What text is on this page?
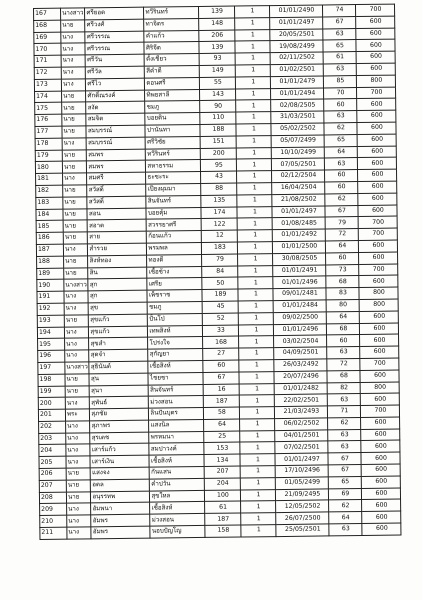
167	นางสาว	ศรียอด	ทวีรินทร์	139	1	01/01/2490	74	700
168	นาย	ศรีวงศ์	ทาจิตร	148	1	01/01/2497	67	600
169	นาง	ศรีวรรณ	คำแก้ว	206	1	20/05/2501	63	600
170	นาง	ศรีวรรณ	ศิริจีด	139	1	19/08/2499	65	600
171	นาง	ศรีวัน	ตั้งเชียว	93	1	02/11/2502	61	600
172	นาง	ศรีวัล	สีคำดี	149	1	01/02/2501	63	600
173	นาง	ศรีไว	ดอนศรี	55	1	01/01/2479	85	800
174	นาย	ศักดิ์ณรงค์	ทิพยสาลี	143	1	01/01/2494	70	700
175	นาย	สงัด	ชมภู	90	1	02/08/2505	60	600
176	นาย	สมจิต	บอยดิน	110	1	31/03/2501	63	600
177	นาย	สมบรรณ์	ปานันทา	188	1	05/02/2502	62	600
178	นาง	สมบรรณ์	ศรีวิชัย	151	1	05/07/2499	65	600
179	นาย	สมพร	ทวีรินทร์	200	1	10/10/2499	64	600
180	นาย	สมพร	สหาธรรม	95	1	07/05/2501	63	600
181	นาง	สมศรี	ธะซะระ	43	1	02/12/2504	60	600
182	นาย	สวัสดิ์	เปียงผุมมา	88	1	16/04/2504	60	600
183	นาย	สวัสดิ์	สินจันทร์	135	1	21/08/2502	62	600
184	นาย	สอน	บอยคุ้ม	174	1	01/01/2497	67	600
185	นาย	สอาด	สวรรยาศรี	122	1	01/08/2485	79	700
186	นาย	สาย	ก้อนแก้ว	12	1	01/01/2492	72	700
187	นาง	สำรวย	พรมพล	183	1	01/01/2500	64	600
188	นาย	สิงห์ทอง	ทองดี	79	1	30/08/2505	60	600
189	นาย	สิน	เชื้อช้าง	84	1	01/01/2491	73	700
190	นางสาว	สุก	เศรีย	50	1	01/01/2496	68	600
191	นาง	สุก	เพ็ชราช	189	1	09/01/2481	83	800
192	นาง	สุข	ชมภู	45	1	01/01/2484	80	800
193	นาย	สุขแก้ว	ปั้นโป่	52	1	09/02/2500	64	600
194	นาง	สุขแก้ว	เทพสิงห์	33	1	01/01/2496	68	600
195	นาง	สุขสำ	โปร่งใจ	168	1	03/02/2504	60	600
196	นาง	สุดจำ	สุกัญยา	27	1	04/09/2501	63	600
197	นางสาว	สุธินันต์	เชื้อสิงห์	60	1	26/03/2492	72	700
198	นาย	สุน	ไชยชา	67	1	20/07/2496	68	600
199	นาย	สุนา	สินจันทร์	16	1	01/01/2482	82	800
200	นาง	สุพันธ์	ม่วงสอน	187	1	22/02/2501	63	600
201	พระ	สุภชัย	ลินปันบุตร	58	1	21/03/2493	71	700
202	นาง	สุภาพร	แสงนิล	64	1	06/02/2502	62	600
203	นาง	สุรเดช	พรหมนา	25	1	04/01/2501	63	600
204	นาง	เสาร์แก้ว	สมปาวงค์	153	1	07/02/2501	63	600
205	นาง	เสาร์เงิน	เชื้อสิงห์	134	1	01/01/2497	67	600
206	นาย	แสงจง	กันแสน	207	1	17/10/2496	67	600
207	นาย	อดล	คำปวัน	204	1	01/05/2499	65	600
208	นาย	อนุรรทพ	สุขใหล	100	1	21/09/2495	69	600
209	นาง	อัมพนา	เชื้อสิงห์	61	1	12/05/2502	62	600
210	นาง	อัมพร	ม่วงสอน	187	1	26/07/2500	64	600
211	นาง	อัมพร	นอบปัญโญ	158	1	25/05/2501	63	600
